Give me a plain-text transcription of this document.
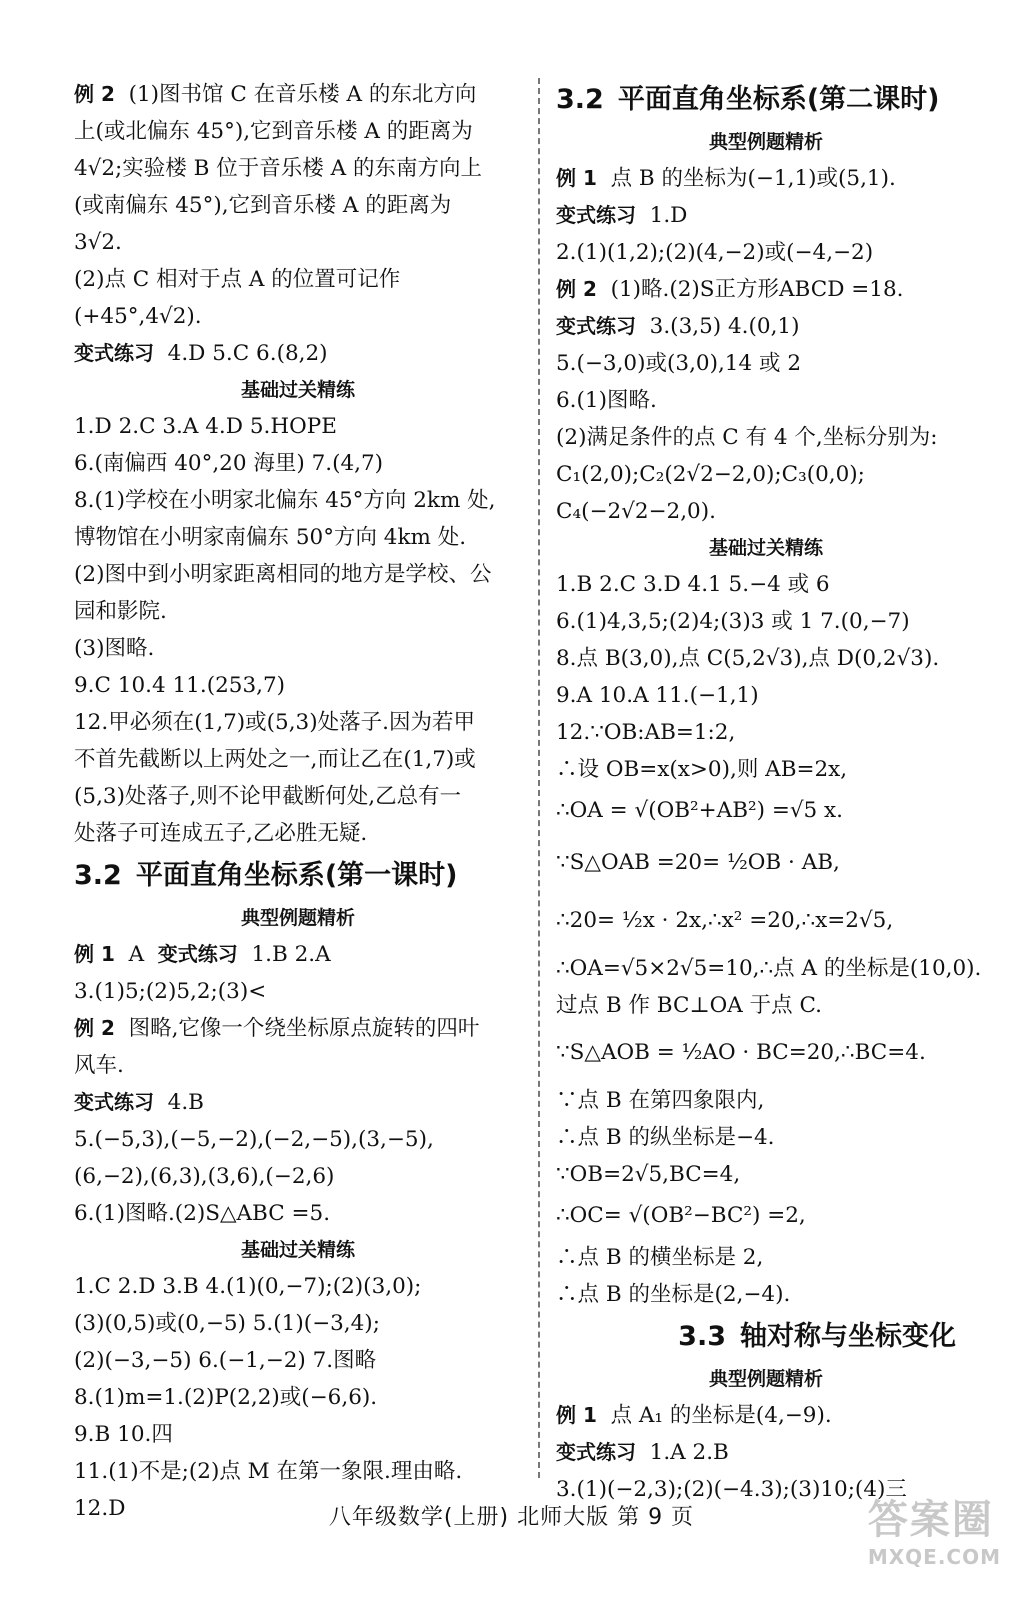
例 2 (1)图书馆 C 在音乐楼 A 的东北方向
上(或北偏东 45°),它到音乐楼 A 的距离为
4√2;实验楼 B 位于音乐楼 A 的东南方向上
(或南偏东 45°),它到音乐楼 A 的距离为
3√2.
(2)点 C 相对于点 A 的位置可记作
(+45°,4√2).
变式练习 4.D 5.C 6.(8,2)
基础过关精练
1.D 2.C 3.A 4.D 5.HOPE
6.(南偏西 40°,20 海里) 7.(4,7)
8.(1)学校在小明家北偏东 45°方向 2km 处,
博物馆在小明家南偏东 50°方向 4km 处.
(2)图中到小明家距离相同的地方是学校、公
园和影院.
(3)图略.
9.C 10.4 11.(253,7)
12.甲必须在(1,7)或(5,3)处落子.因为若甲
不首先截断以上两处之一,而让乙在(1,7)或
(5,3)处落子,则不论甲截断何处,乙总有一
处落子可连成五子,乙必胜无疑.
3.2 平面直角坐标系(第一课时)
典型例题精析
例 1 A 变式练习 1.B 2.A
3.(1)5;(2)5,2;(3)<
例 2 图略,它像一个绕坐标原点旋转的四叶
风车.
变式练习 4.B
5.(−5,3),(−5,−2),(−2,−5),(3,−5),
(6,−2),(6,3),(3,6),(−2,6)
6.(1)图略.(2)S△ABC =5.
基础过关精练
1.C 2.D 3.B 4.(1)(0,−7);(2)(3,0);
(3)(0,5)或(0,−5) 5.(1)(−3,4);
(2)(−3,−5) 6.(−1,−2) 7.图略
8.(1)m=1.(2)P(2,2)或(−6,6).
9.B 10.四
11.(1)不是;(2)点 M 在第一象限.理由略.
12.D
3.2 平面直角坐标系(第二课时)
典型例题精析
例 1 点 B 的坐标为(−1,1)或(5,1).
变式练习 1.D
2.(1)(1,2);(2)(4,−2)或(−4,−2)
例 2 (1)略.(2)S正方形ABCD =18.
变式练习 3.(3,5) 4.(0,1)
5.(−3,0)或(3,0),14 或 2
6.(1)图略.
(2)满足条件的点 C 有 4 个,坐标分别为:
C₁(2,0);C₂(2√2−2,0);C₃(0,0);
C₄(−2√2−2,0).
基础过关精练
1.B 2.C 3.D 4.1 5.−4 或 6
6.(1)4,3,5;(2)4;(3)3 或 1 7.(0,−7)
8.点 B(3,0),点 C(5,2√3),点 D(0,2√3).
9.A 10.A 11.(−1,1)
12.∵OB:AB=1:2,
∴设 OB=x(x>0),则 AB=2x,
∴OA = √(OB²+AB²) =√5 x.
∵S△OAB =20= ½OB · AB,
∴20= ½x · 2x,∴x² =20,∴x=2√5,
∴OA=√5×2√5=10,∴点 A 的坐标是(10,0).
过点 B 作 BC⊥OA 于点 C.
∵S△AOB = ½AO · BC=20,∴BC=4.
∵点 B 在第四象限内,
∴点 B 的纵坐标是−4.
∵OB=2√5,BC=4,
∴OC= √(OB²−BC²) =2,
∴点 B 的横坐标是 2,
∴点 B 的坐标是(2,−4).
3.3 轴对称与坐标变化
典型例题精析
例 1 点 A₁ 的坐标是(4,−9).
变式练习 1.A 2.B
3.(1)(−2,3);(2)(−4.3);(3)10;(4)三
八年级数学(上册) 北师大版 第 9 页	答案圈
MXQE.COM
